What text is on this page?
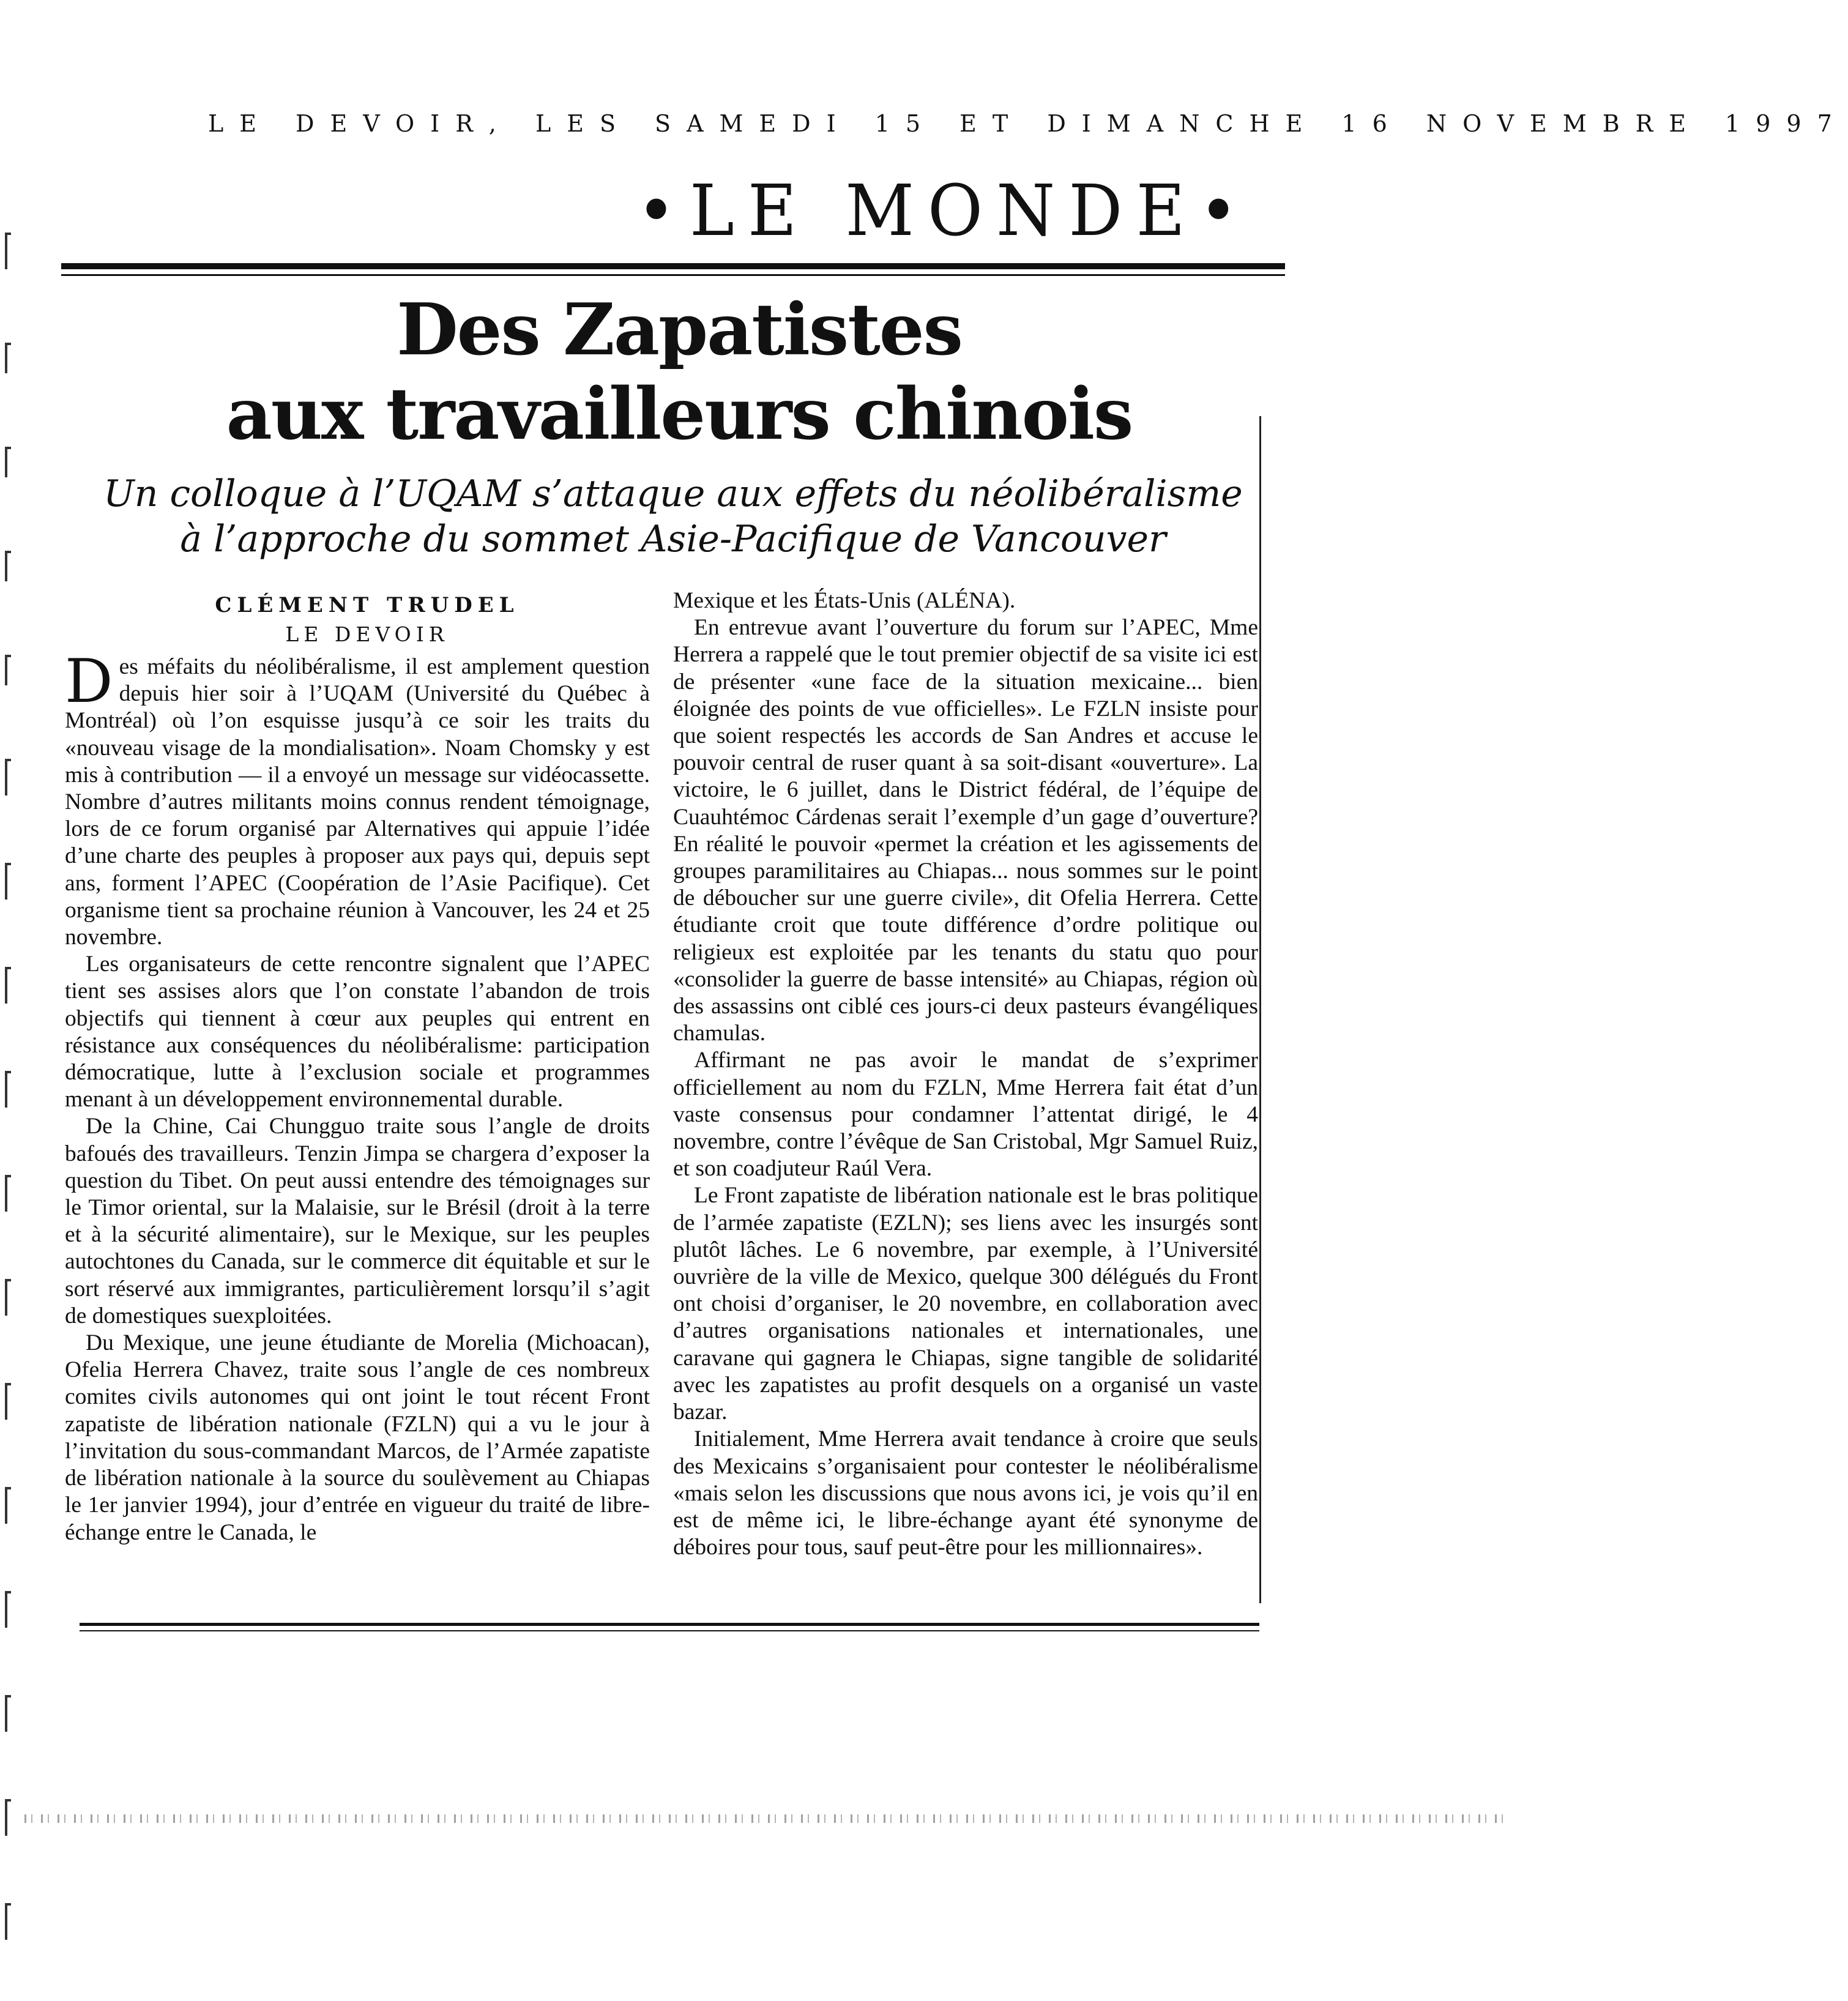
LE DEVOIR, LES SAMEDI 15 ET DIMANCHE 16 NOVEMBRE 1997
•LE MONDE•
Des Zapatistes
aux travailleurs chinois
Un colloque à l’UQAM s’attaque aux effets du néolibéralisme
à l’approche du sommet Asie-Pacifique de Vancouver
CLÉMENT TRUDEL
LE DEVOIR

Des méfaits du néolibéralisme, il est amplement question depuis hier soir à l’UQAM (Université du Québec à Montréal) où l’on esquisse jusqu’à ce soir les traits du «nouveau visage de la mondialisation». Noam Chomsky y est mis à contribution — il a envoyé un message sur vidéocassette. Nombre d’autres militants moins connus rendent témoignage, lors de ce forum organisé par Alternatives qui appuie l’idée d’une charte des peuples à proposer aux pays qui, depuis sept ans, forment l’APEC (Coopération de l’Asie Pacifique). Cet organisme tient sa prochaine réunion à Vancouver, les 24 et 25 novembre.

Les organisateurs de cette rencontre signalent que l’APEC tient ses assises alors que l’on constate l’abandon de trois objectifs qui tiennent à cœur aux peuples qui entrent en résistance aux conséquences du néolibéralisme: participation démocratique, lutte à l’exclusion sociale et programmes menant à un développement environnemental durable.

De la Chine, Cai Chungguo traite sous l’angle de droits bafoués des travailleurs. Tenzin Jimpa se chargera d’exposer la question du Tibet. On peut aussi entendre des témoignages sur le Timor oriental, sur la Malaisie, sur le Brésil (droit à la terre et à la sécurité alimentaire), sur le Mexique, sur les peuples autochtones du Canada, sur le commerce dit équitable et sur le sort réservé aux immigrantes, particulièrement lorsqu’il s’agit de domestiques suexploitées.

Du Mexique, une jeune étudiante de Morelia (Michoacan), Ofelia Herrera Chavez, traite sous l’angle de ces nombreux comites civils autonomes qui ont joint le tout récent Front zapatiste de libération nationale (FZLN) qui a vu le jour à l’invitation du sous-commandant Marcos, de l’Armée zapatiste de libération nationale à la source du soulèvement au Chiapas le 1er janvier 1994), jour d’entrée en vigueur du traité de libre-échange entre le Canada, le

Mexique et les États-Unis (ALÉNA).

En entrevue avant l’ouverture du forum sur l’APEC, Mme Herrera a rappelé que le tout premier objectif de sa visite ici est de présenter «une face de la situation mexicaine... bien éloignée des points de vue officielles». Le FZLN insiste pour que soient respectés les accords de San Andres et accuse le pouvoir central de ruser quant à sa soit-disant «ouverture». La victoire, le 6 juillet, dans le District fédéral, de l’équipe de Cuauhtémoc Cárdenas serait l’exemple d’un gage d’ouverture? En réalité le pouvoir «permet la création et les agissements de groupes paramilitaires au Chiapas... nous sommes sur le point de déboucher sur une guerre civile», dit Ofelia Herrera. Cette étudiante croit que toute différence d’ordre politique ou religieux est exploitée par les tenants du statu quo pour «consolider la guerre de basse intensité» au Chiapas, région où des assassins ont ciblé ces jours-ci deux pasteurs évangéliques chamulas.

Affirmant ne pas avoir le mandat de s’exprimer officiellement au nom du FZLN, Mme Herrera fait état d’un vaste consensus pour condamner l’attentat dirigé, le 4 novembre, contre l’évêque de San Cristobal, Mgr Samuel Ruiz, et son coadjuteur Raúl Vera.

Le Front zapatiste de libération nationale est le bras politique de l’armée zapatiste (EZLN); ses liens avec les insurgés sont plutôt lâches. Le 6 novembre, par exemple, à l’Université ouvrière de la ville de Mexico, quelque 300 délégués du Front ont choisi d’organiser, le 20 novembre, en collaboration avec d’autres organisations nationales et internationales, une caravane qui gagnera le Chiapas, signe tangible de solidarité avec les zapatistes au profit desquels on a organisé un vaste bazar.

Initialement, Mme Herrera avait tendance à croire que seuls des Mexicains s’organisaient pour contester le néolibéralisme «mais selon les discussions que nous avons ici, je vois qu’il en est de même ici, le libre-échange ayant été synonyme de déboires pour tous, sauf peut-être pour les millionnaires».
